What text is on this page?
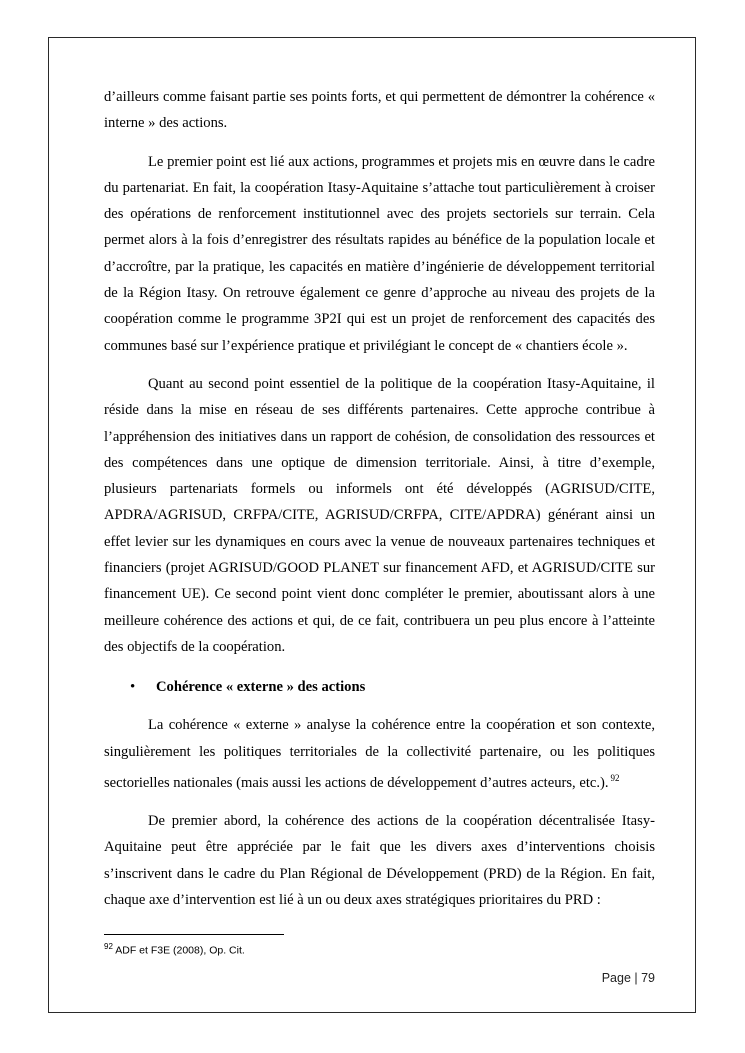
d’ailleurs comme faisant partie ses points forts, et qui permettent de démontrer la cohérence « interne » des actions.

Le premier point est lié aux actions, programmes et projets mis en œuvre dans le cadre du partenariat. En fait, la coopération Itasy-Aquitaine s’attache tout particulièrement à croiser des opérations de renforcement institutionnel avec des projets sectoriels sur terrain. Cela permet alors à la fois d’enregistrer des résultats rapides au bénéfice de la population locale et d’accroître, par la pratique, les capacités en matière d’ingénierie de développement territorial de la Région Itasy. On retrouve également ce genre d’approche au niveau des projets de la coopération comme le programme 3P2I qui est un projet de renforcement des capacités des communes basé sur l’expérience pratique et privilégiant le concept de « chantiers école ».

Quant au second point essentiel de la politique de la coopération Itasy-Aquitaine, il réside dans la mise en réseau de ses différents partenaires. Cette approche contribue à l’appréhension des initiatives dans un rapport de cohésion, de consolidation des ressources et des compétences dans une optique de dimension territoriale. Ainsi, à titre d’exemple, plusieurs partenariats formels ou informels ont été développés (AGRISUD/CITE, APDRA/AGRISUD, CRFPA/CITE, AGRISUD/CRFPA, CITE/APDRA) générant ainsi un effet levier sur les dynamiques en cours avec la venue de nouveaux partenaires techniques et financiers (projet AGRISUD/GOOD PLANET sur financement AFD, et AGRISUD/CITE sur financement UE). Ce second point vient donc compléter le premier, aboutissant alors à une meilleure cohérence des actions et qui, de ce fait, contribuera un peu plus encore à l’atteinte des objectifs de la coopération.

•	Cohérence « externe » des actions

La cohérence « externe » analyse la cohérence entre la coopération et son contexte, singulièrement les politiques territoriales de la collectivité partenaire, ou les politiques sectorielles nationales (mais aussi les actions de développement d’autres acteurs, etc.). $^{92}$

De premier abord, la cohérence des actions de la coopération décentralisée Itasy-Aquitaine peut être appréciée par le fait que les divers axes d’interventions choisis s’inscrivent dans le cadre du Plan Régional de Développement (PRD) de la Région. En fait, chaque axe d’intervention est lié à un ou deux axes stratégiques prioritaires du PRD :

$^{92}$ ADF et F3E (2008), Op. Cit.
Page | 79
